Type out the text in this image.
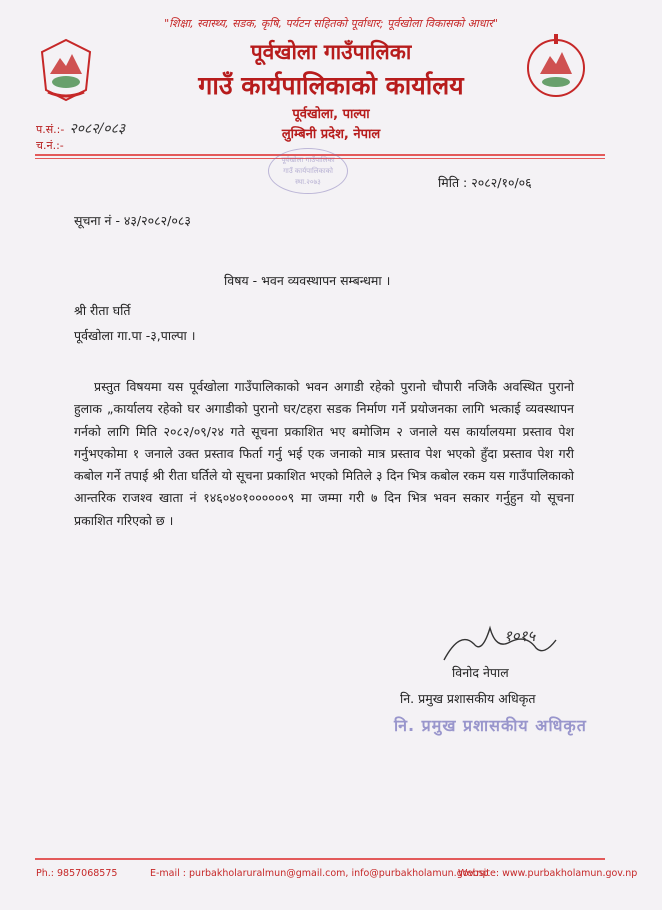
"शिक्षा, स्वास्थ्य, सडक, कृषि, पर्यटन सहितको पूर्वाधार; पूर्वखोला विकासको आधार"
पूर्वखोला गाउँपालिका
गाउँ कार्यपालिकाको कार्यालय
पूर्वखोला, पाल्पा
लुम्बिनी प्रदेश, नेपाल
प.सं.:- २०८२/०८३
च.नं.:-
पूर्वखोला गाउँपालिका
गाउँ कार्यपालिकाको
स्था.२०७३	मिति : २०८२/१०/०६
सूचना नं - ४३/२०८२/०८३
विषय - भवन व्यवस्थापन सम्बन्धमा ।
श्री रीता घर्ति
पूर्वखोला गा.पा -३,पाल्पा ।
प्रस्तुत विषयमा यस पूर्वखोला गाउँपालिकाको भवन अगाडी रहेको पुरानो चौपारी नजिकै अवस्थित पुरानो हुलाक „कार्यालय रहेको घर अगाडीको पुरानो घर/टहरा सडक निर्माण गर्ने प्रयोजनका लागि भत्काई व्यवस्थापन गर्नको लागि मिति २०८२/०९/२४ गते सूचना प्रकाशित भए बमोजिम २ जनाले यस कार्यालयमा प्रस्ताव पेश गर्नुभएकोमा १ जनाले उक्त प्रस्ताव फिर्ता गर्नु भई एक जनाको मात्र प्रस्ताव पेश भएको हुँदा प्रस्ताव पेश गरी कबोल गर्ने तपाई श्री रीता घर्तिले यो सूचना प्रकाशित भएको मितिले ३ दिन भित्र कबोल रकम यस गाउँपालिकाको आन्तरिक राजश्व खाता नं १४६०४०१००००००९ मा जम्मा गरी ७ दिन भित्र भवन सकार गर्नुहुन यो सूचना प्रकाशित गरिएको छ ।
१०१५
विनोद नेपाल
नि. प्रमुख प्रशासकीय अधिकृत
नि. प्रमुख प्रशासकीय अधिकृत
Ph.: 9857068575	E-mail : purbakholaruralmun@gmail.com, info@purbakholamun.gov.np
Website: www.purbakholamun.gov.np
